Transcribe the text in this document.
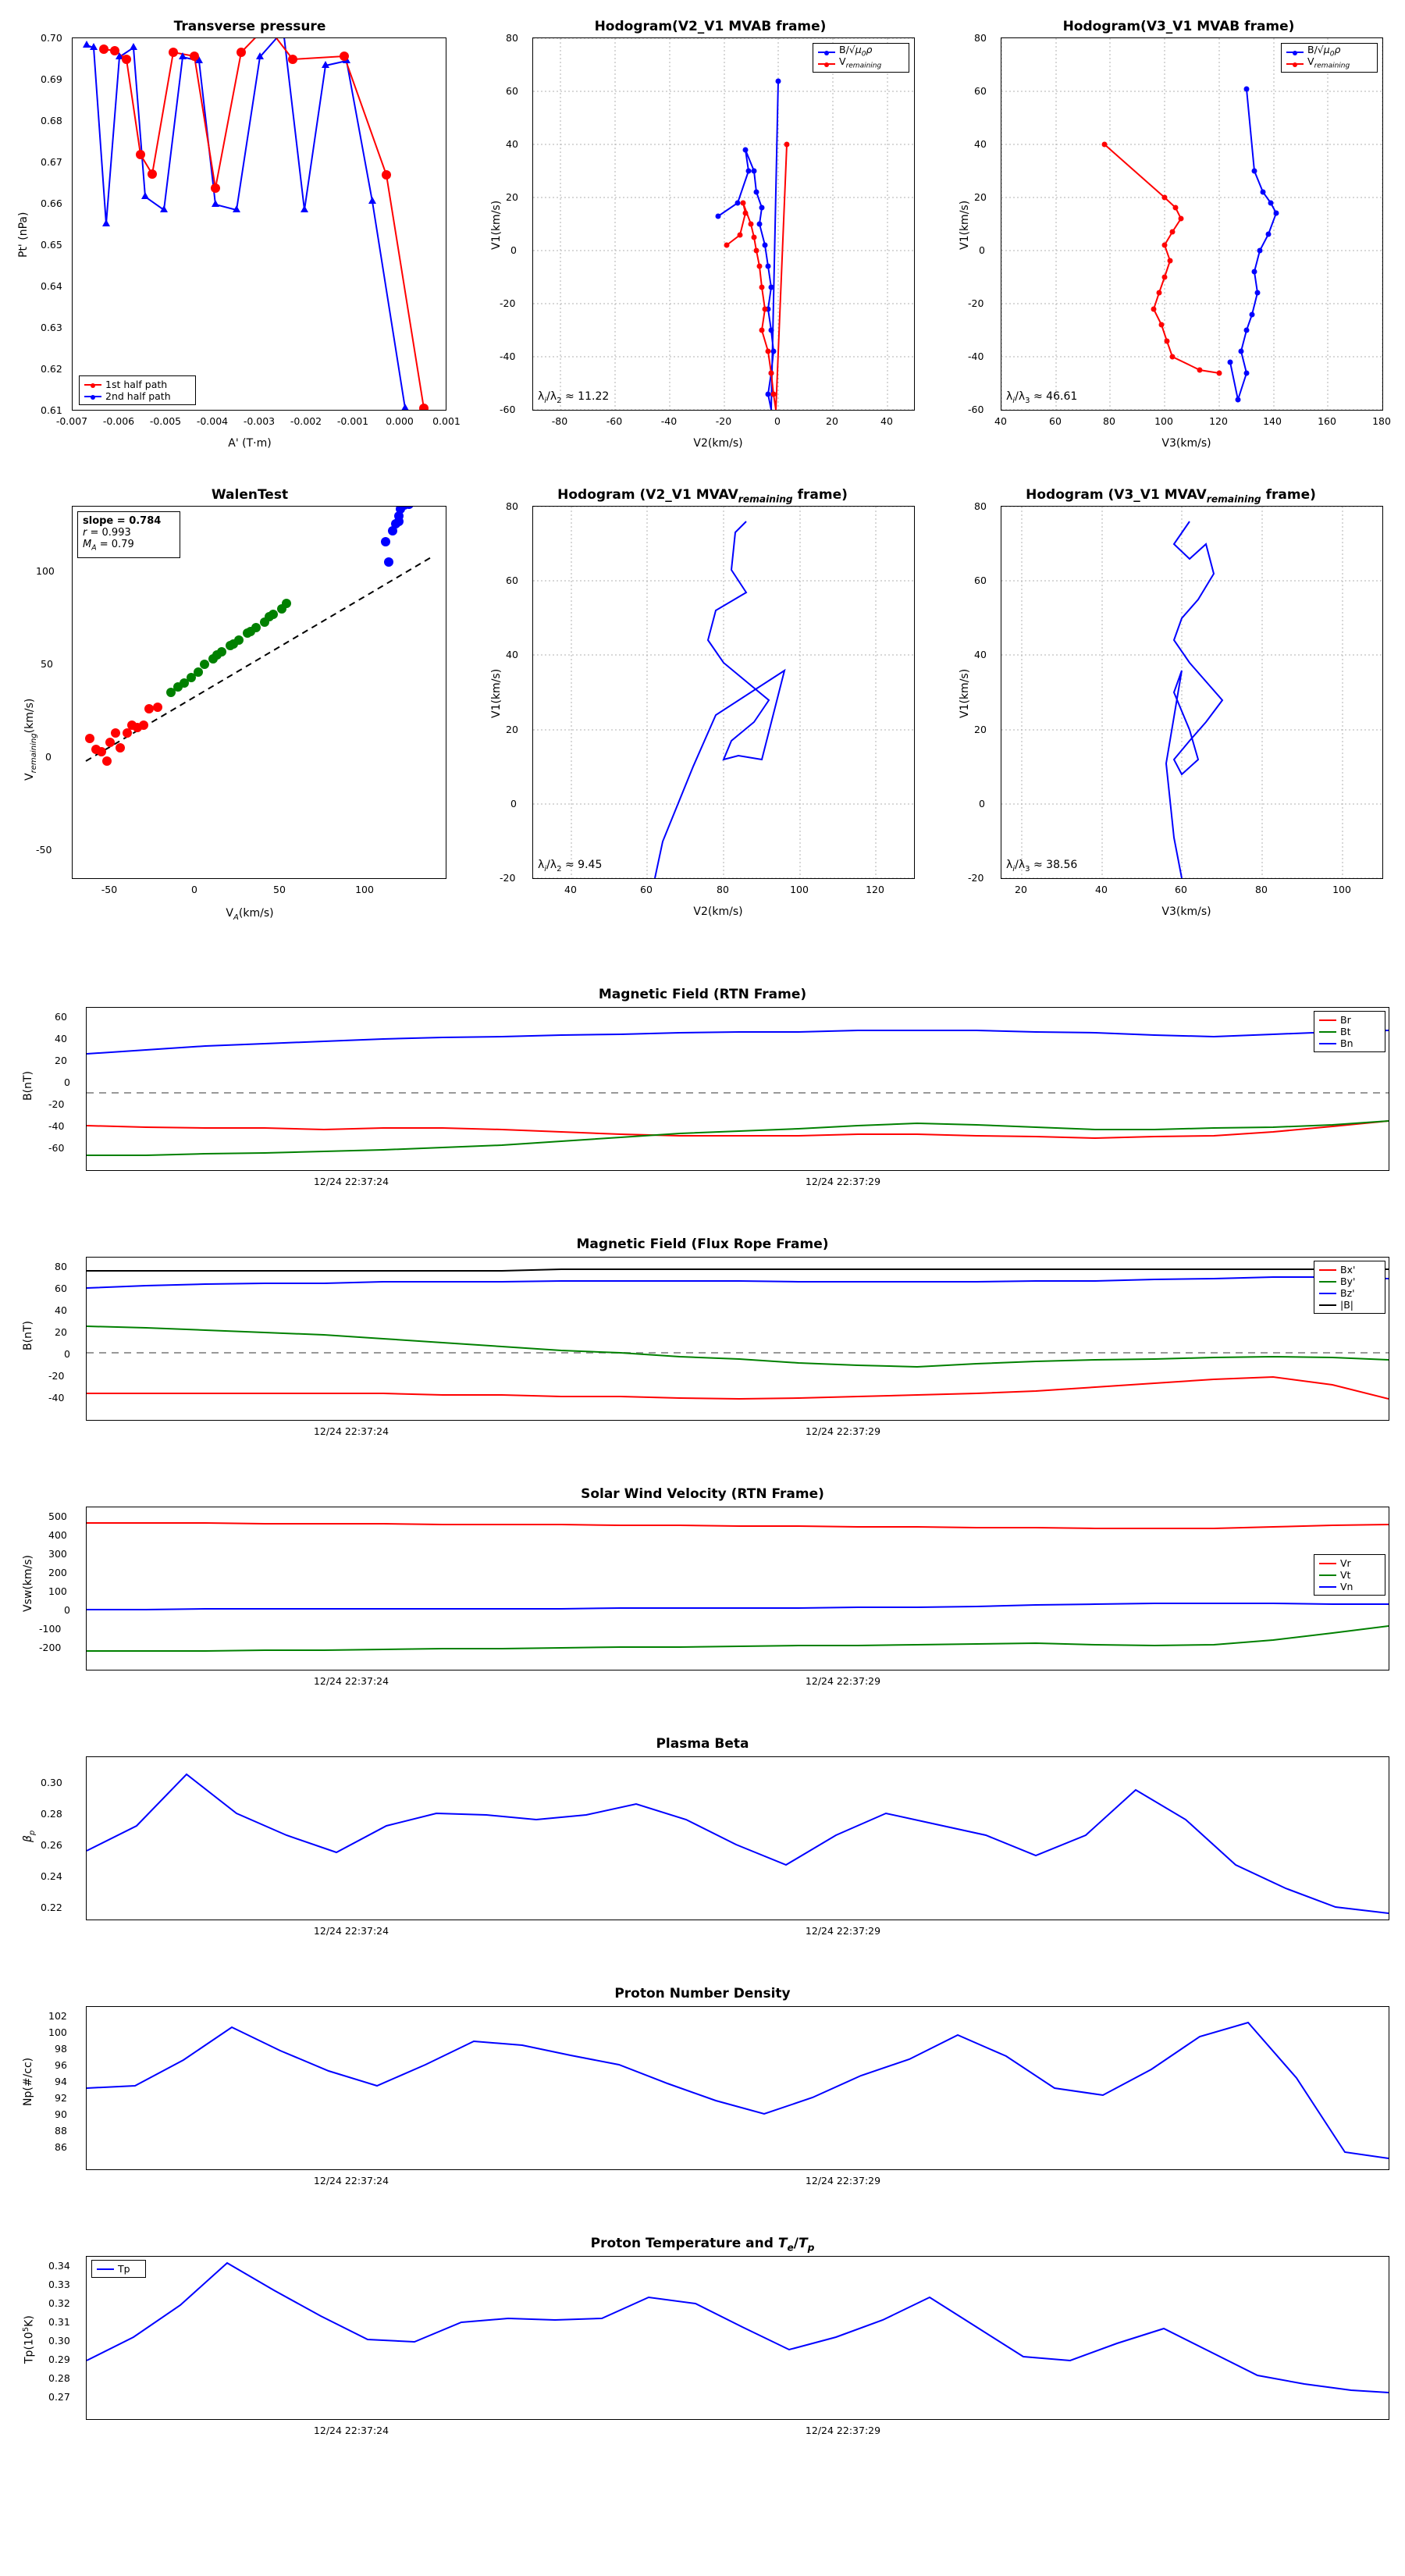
Transverse pressure
Pt' (nPa)
A' (T·m)
1st half path
2nd half path
0.70
0.69
0.68
0.67
0.66
0.65
0.64
0.63
0.62
0.61
-0.007	-0.006	-0.005	-0.004	-0.003	-0.002	-0.001	0.000	0.001
Hodogram(V2_V1 MVAB frame)
V1(km/s)
V2(km/s)
$B/√\mu_0\rho$
$V_{remaining}$
$\lambda_i/\lambda_2 \approx 11.22$
80
60
40
20
0
-20
-40
-60
-80	-60	-40	-20	0	20	40
Hodogram(V3_V1 MVAB frame)
V1(km/s)
V3(km/s)
$B/√\mu_0\rho$
$V_{remaining}$
$\lambda_i/\lambda_3 \approx 46.61$
80
60
40
20
0
-20
-40
-60
40	60	80	100	120	140	160	180
WalenTest
$V_{remaining}(km/s)$
$V_A(km/s)$
slope = 0.784
r = 0.993
$M_A = 0.79$
100
50
0
-50
-50	0	50	100
Hodogram (V2_V1 $MVAV_{remaining}$ frame)
V1(km/s)
V2(km/s)
$\lambda_i/\lambda_2 \approx 9.45$
80
60
40
20
0
-20
40	60	80	100	120
Hodogram (V3_V1 $MVAV_{remaining}$ frame)
V1(km/s)
V3(km/s)
$\lambda_i/\lambda_3 \approx 38.56$
80
60
40
20
0
-20
20	40	60	80	100
Magnetic Field (RTN Frame)
B(nT)
Br
Bt
Bn
60
40
20
0
-20
-40
-60
12/24 22:37:24	12/24 22:37:29
Magnetic Field (Flux Rope Frame)
B(nT)
Bx'
By'
Bz'
|B|
80
60
40
20
0
-20
-40
12/24 22:37:24	12/24 22:37:29
Solar Wind Velocity (RTN Frame)
Vsw(km/s)	Vr
Vt
Vn
500
400
300
200
100
0
-100
-200
12/24 22:37:24	12/24 22:37:29
Plasma Beta
$\beta_p$
0.30
0.28
0.26
0.24
0.22
12/24 22:37:24	12/24 22:37:29
Proton Number Density
Np(#/cc)
102
100
98
96
94
92
90
88
86
12/24 22:37:24	12/24 22:37:29
Proton Temperature and $T_e/T_p$
$Tp(10^5K)$
Tp
0.34
0.33
0.32
0.31
0.30
0.29
0.28
0.27
12/24 22:37:24	12/24 22:37:29
